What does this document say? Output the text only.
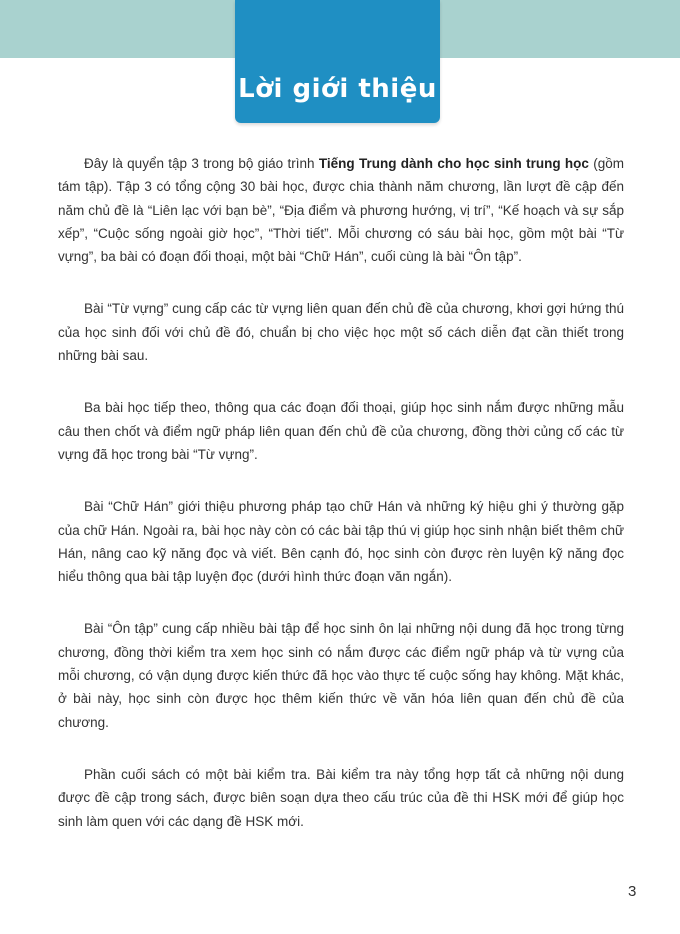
Lời giới thiệu

Đây là quyển tập 3 trong bộ giáo trình Tiếng Trung dành cho học sinh trung học (gồm tám tập). Tập 3 có tổng cộng 30 bài học, được chia thành năm chương, lần lượt đề cập đến năm chủ đề là “Liên lạc với bạn bè”, “Địa điểm và phương hướng, vị trí”, “Kế hoạch và sự sắp xếp”, “Cuộc sống ngoài giờ học”, “Thời tiết”. Mỗi chương có sáu bài học, gồm một bài “Từ vựng”, ba bài có đoạn đối thoại, một bài “Chữ Hán”, cuối cùng là bài “Ôn tập”.

Bài “Từ vựng” cung cấp các từ vựng liên quan đến chủ đề của chương, khơi gợi hứng thú của học sinh đối với chủ đề đó, chuẩn bị cho việc học một số cách diễn đạt cần thiết trong những bài sau.

Ba bài học tiếp theo, thông qua các đoạn đối thoại, giúp học sinh nắm được những mẫu câu then chốt và điểm ngữ pháp liên quan đến chủ đề của chương, đồng thời củng cố các từ vựng đã học trong bài “Từ vựng”.

Bài “Chữ Hán” giới thiệu phương pháp tạo chữ Hán và những ký hiệu ghi ý thường gặp của chữ Hán. Ngoài ra, bài học này còn có các bài tập thú vị giúp học sinh nhận biết thêm chữ Hán, nâng cao kỹ năng đọc và viết. Bên cạnh đó, học sinh còn được rèn luyện kỹ năng đọc hiểu thông qua bài tập luyện đọc (dưới hình thức đoạn văn ngắn).

Bài “Ôn tập” cung cấp nhiều bài tập để học sinh ôn lại những nội dung đã học trong từng chương, đồng thời kiểm tra xem học sinh có nắm được các điểm ngữ pháp và từ vựng của mỗi chương, có vận dụng được kiến thức đã học vào thực tế cuộc sống hay không. Mặt khác, ở bài này, học sinh còn được học thêm kiến thức về văn hóa liên quan đến chủ đề của chương.

Phần cuối sách có một bài kiểm tra. Bài kiểm tra này tổng hợp tất cả những nội dung được đề cập trong sách, được biên soạn dựa theo cấu trúc của đề thi HSK mới để giúp học sinh làm quen với các dạng đề HSK mới.

3
